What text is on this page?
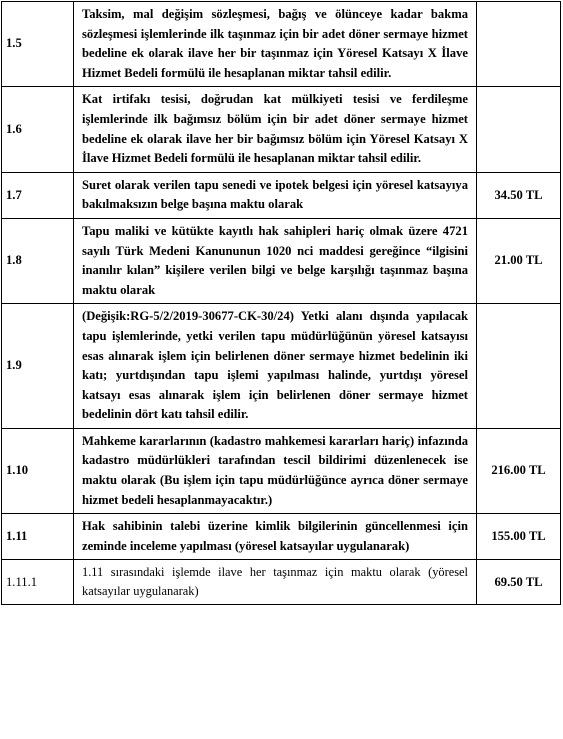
1.5	Taksim, mal değişim sözleşmesi, bağış ve ölünceye kadar bakma sözleşmesi işlemlerinde ilk taşınmaz için bir adet döner sermaye hizmet bedeline ek olarak ilave her bir taşınmaz için Yöresel Katsayı X İlave Hizmet Bedeli formülü ile hesaplanan miktar tahsil edilir.	
1.6	Kat irtifakı tesisi, doğrudan kat mülkiyeti tesisi ve ferdileşme işlemlerinde ilk bağımsız bölüm için bir adet döner sermaye hizmet bedeline ek olarak ilave her bir bağımsız bölüm için Yöresel Katsayı X İlave Hizmet Bedeli formülü ile hesaplanan miktar tahsil edilir.	
1.7	Suret olarak verilen tapu senedi ve ipotek belgesi için yöresel katsayıya bakılmaksızın belge başına maktu olarak	34.50 TL
1.8	Tapu maliki ve kütükte kayıtlı hak sahipleri hariç olmak üzere 4721 sayılı Türk Medeni Kanununun 1020 nci maddesi gereğince “ilgisini inanılır kılan” kişilere verilen bilgi ve belge karşılığı taşınmaz başına maktu olarak	21.00 TL
1.9	(Değişik:RG-5/2/2019-30677-CK-30/24) Yetki alanı dışında yapılacak tapu işlemlerinde, yetki verilen tapu müdürlüğünün yöresel katsayısı esas alınarak işlem için belirlenen döner sermaye hizmet bedelinin iki katı; yurtdışından tapu işlemi yapılması halinde, yurtdışı yöresel katsayı esas alınarak işlem için belirlenen döner sermaye hizmet bedelinin dört katı tahsil edilir.	
1.10	Mahkeme kararlarının (kadastro mahkemesi kararları hariç) infazında kadastro müdürlükleri tarafından tescil bildirimi düzenlenecek ise maktu olarak (Bu işlem için tapu müdürlüğünce ayrıca döner sermaye hizmet bedeli hesaplanmayacaktır.)	216.00 TL
1.11	Hak sahibinin talebi üzerine kimlik bilgilerinin güncellenmesi için zeminde inceleme yapılması (yöresel katsayılar uygulanarak)	155.00 TL
1.11.1	1.11 sırasındaki işlemde ilave her taşınmaz için maktu olarak (yöresel katsayılar uygulanarak)	69.50 TL
